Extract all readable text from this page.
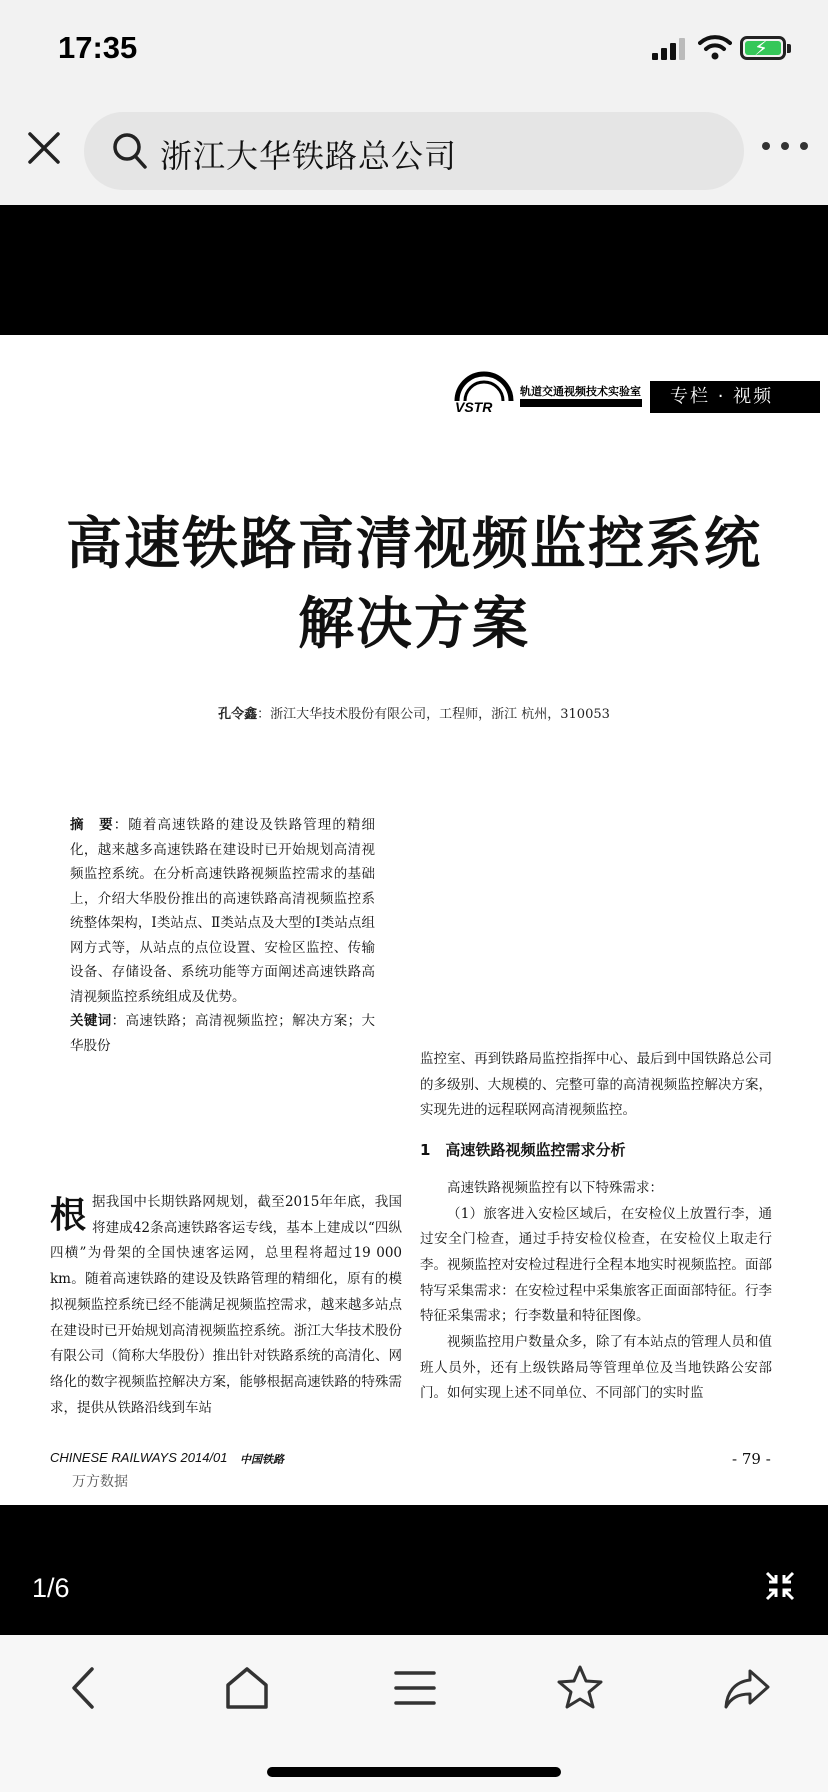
17:35	⚡
浙江大华铁路总公司
VSTR
轨道交通视频技术实验室	专栏 · 视频
高速铁路高清视频监控系统
解决方案
孔令鑫：浙江大华技术股份有限公司，工程师，浙江 杭州，310053

摘　要：随着高速铁路的建设及铁路管理的精细化，越来越多高速铁路在建设时已开始规划高清视频监控系统。在分析高速铁路视频监控需求的基础上，介绍大华股份推出的高速铁路高清视频监控系统整体架构，Ⅰ类站点、Ⅱ类站点及大型的Ⅰ类站点组网方式等，从站点的点位设置、安检区监控、传输设备、存储设备、系统功能等方面阐述高速铁路高清视频监控系统组成及优势。

关键词：高速铁路；高清视频监控；解决方案；大华股份

根据我国中长期铁路网规划，截至2015年年底，我国将建成42条高速铁路客运专线，基本上建成以“四纵四横”为骨架的全国快速客运网，总里程将超过19 000 km。随着高速铁路的建设及铁路管理的精细化，原有的模拟视频监控系统已经不能满足视频监控需求，越来越多站点在建设时已开始规划高清视频监控系统。浙江大华技术股份有限公司（简称大华股份）推出针对铁路系统的高清化、网络化的数字视频监控解决方案，能够根据高速铁路的特殊需求，提供从铁路沿线到车站

监控室、再到铁路局监控指挥中心、最后到中国铁路总公司的多级别、大规模的、完整可靠的高清视频监控解决方案，实现先进的远程联网高清视频监控。

1　高速铁路视频监控需求分析

高速铁路视频监控有以下特殊需求：

（1）旅客进入安检区域后，在安检仪上放置行李，通过安全门检查，通过手持安检仪检查，在安检仪上取走行李。视频监控对安检过程进行全程本地实时视频监控。面部特写采集需求：在安检过程中采集旅客正面面部特征。行李特征采集需求；行李数量和特征图像。

视频监控用户数量众多，除了有本站点的管理人员和值班人员外，还有上级铁路局等管理单位及当地铁路公安部门。如何实现上述不同单位、不同部门的实时监

CHINESE RAILWAYS 2014/01 中国铁路
万方数据
- 79 -
1/6
